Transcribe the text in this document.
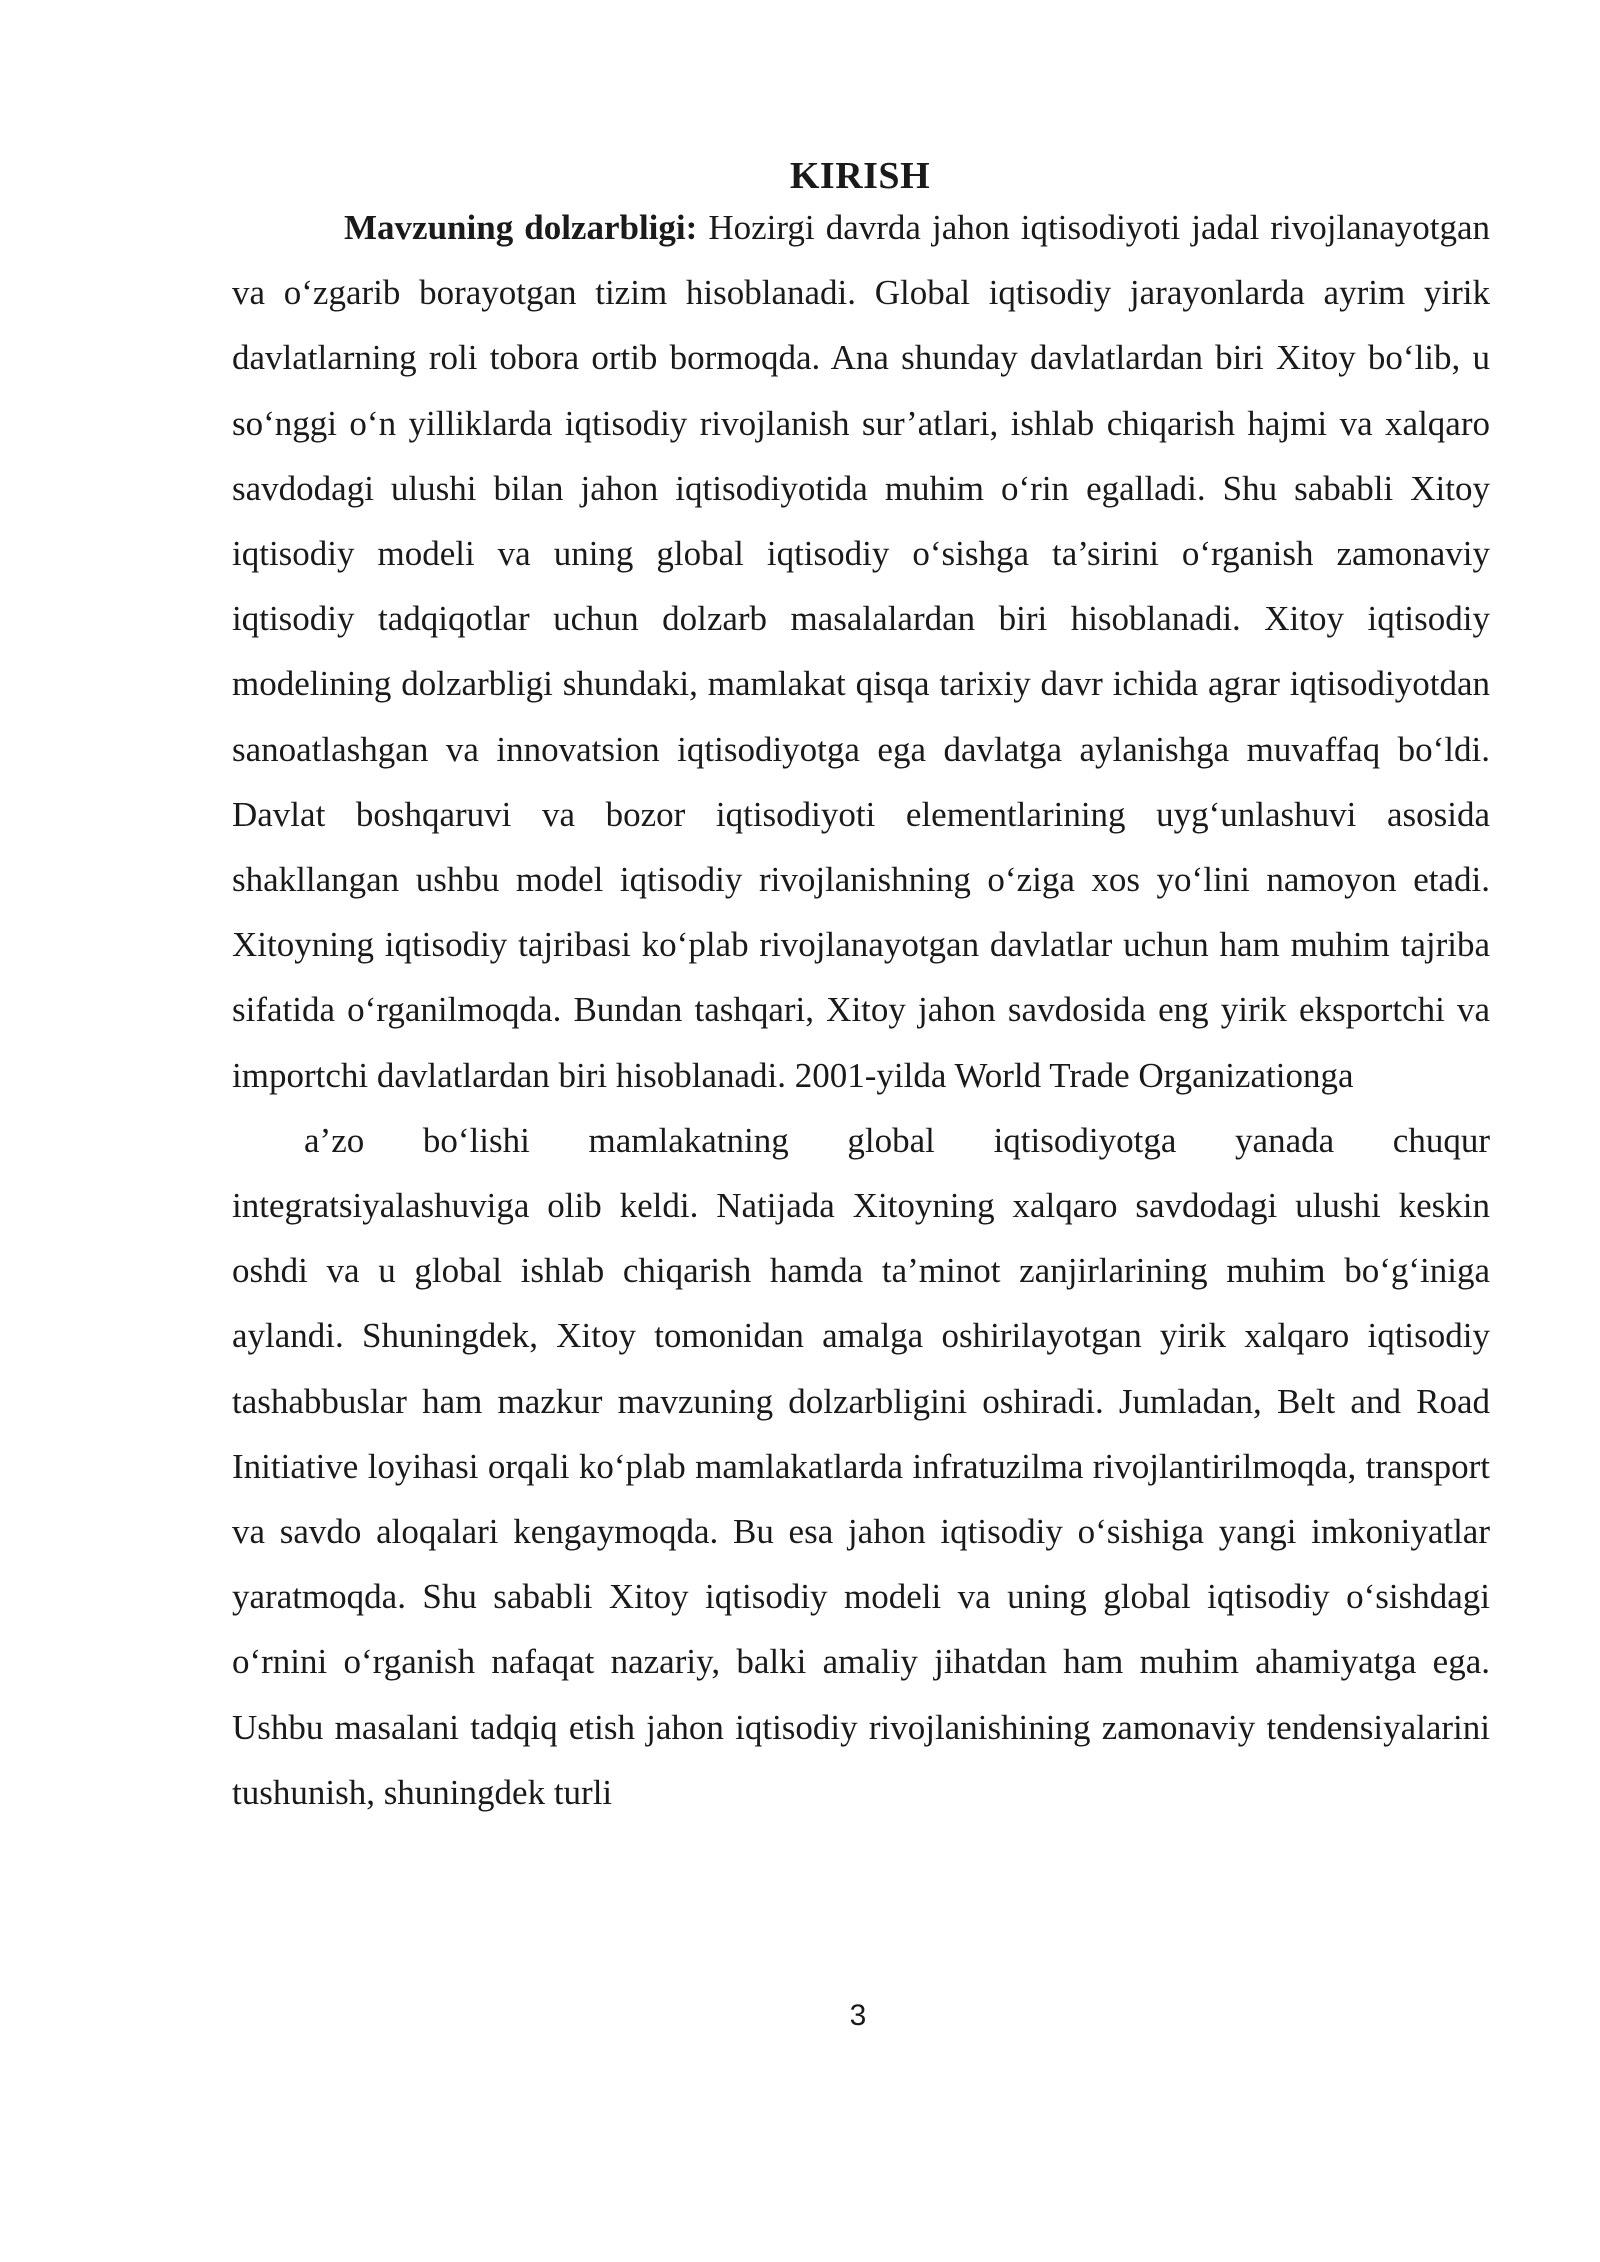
KIRISH

Mavzuning dolzarbligi: Hozirgi davrda jahon iqtisodiyoti jadal rivojlanayotgan va oʻzgarib borayotgan tizim hisoblanadi. Global iqtisodiy jarayonlarda ayrim yirik davlatlarning roli tobora ortib bormoqda. Ana shunday davlatlardan biri Xitoy boʻlib, u soʻnggi oʻn yilliklarda iqtisodiy rivojlanish sur’atlari, ishlab chiqarish hajmi va xalqaro savdodagi ulushi bilan jahon iqtisodiyotida muhim oʻrin egalladi. Shu sababli Xitoy iqtisodiy modeli va uning global iqtisodiy oʻsishga ta’sirini oʻrganish zamonaviy iqtisodiy tadqiqotlar uchun dolzarb masalalardan biri hisoblanadi. Xitoy iqtisodiy modelining dolzarbligi shundaki, mamlakat qisqa tarixiy davr ichida agrar iqtisodiyotdan sanoatlashgan va innovatsion iqtisodiyotga ega davlatga aylanishga muvaffaq boʻldi. Davlat boshqaruvi va bozor iqtisodiyoti elementlarining uygʻunlashuvi asosida shakllangan ushbu model iqtisodiy rivojlanishning oʻziga xos yoʻlini namoyon etadi. Xitoyning iqtisodiy tajribasi koʻplab rivojlanayotgan davlatlar uchun ham muhim tajriba sifatida oʻrganilmoqda. Bundan tashqari, Xitoy jahon savdosida eng yirik eksportchi va importchi davlatlardan biri hisoblanadi. 2001-yilda World Trade Organizationga

a’zo boʻlishi mamlakatning global iqtisodiyotga yanada chuqur integratsiyalashuviga olib keldi. Natijada Xitoyning xalqaro savdodagi ulushi keskin oshdi va u global ishlab chiqarish hamda ta’minot zanjirlarining muhim boʻgʻiniga aylandi. Shuningdek, Xitoy tomonidan amalga oshirilayotgan yirik xalqaro iqtisodiy tashabbuslar ham mazkur mavzuning dolzarbligini oshiradi. Jumladan, Belt and Road Initiative loyihasi orqali koʻplab mamlakatlarda infratuzilma rivojlantirilmoqda, transport va savdo aloqalari kengaymoqda. Bu esa jahon iqtisodiy oʻsishiga yangi imkoniyatlar yaratmoqda. Shu sababli Xitoy iqtisodiy modeli va uning global iqtisodiy oʻsishdagi oʻrnini oʻrganish nafaqat nazariy, balki amaliy jihatdan ham muhim ahamiyatga ega. Ushbu masalani tadqiq etish jahon iqtisodiy rivojlanishining zamonaviy tendensiyalarini tushunish, shuningdek turli

3
